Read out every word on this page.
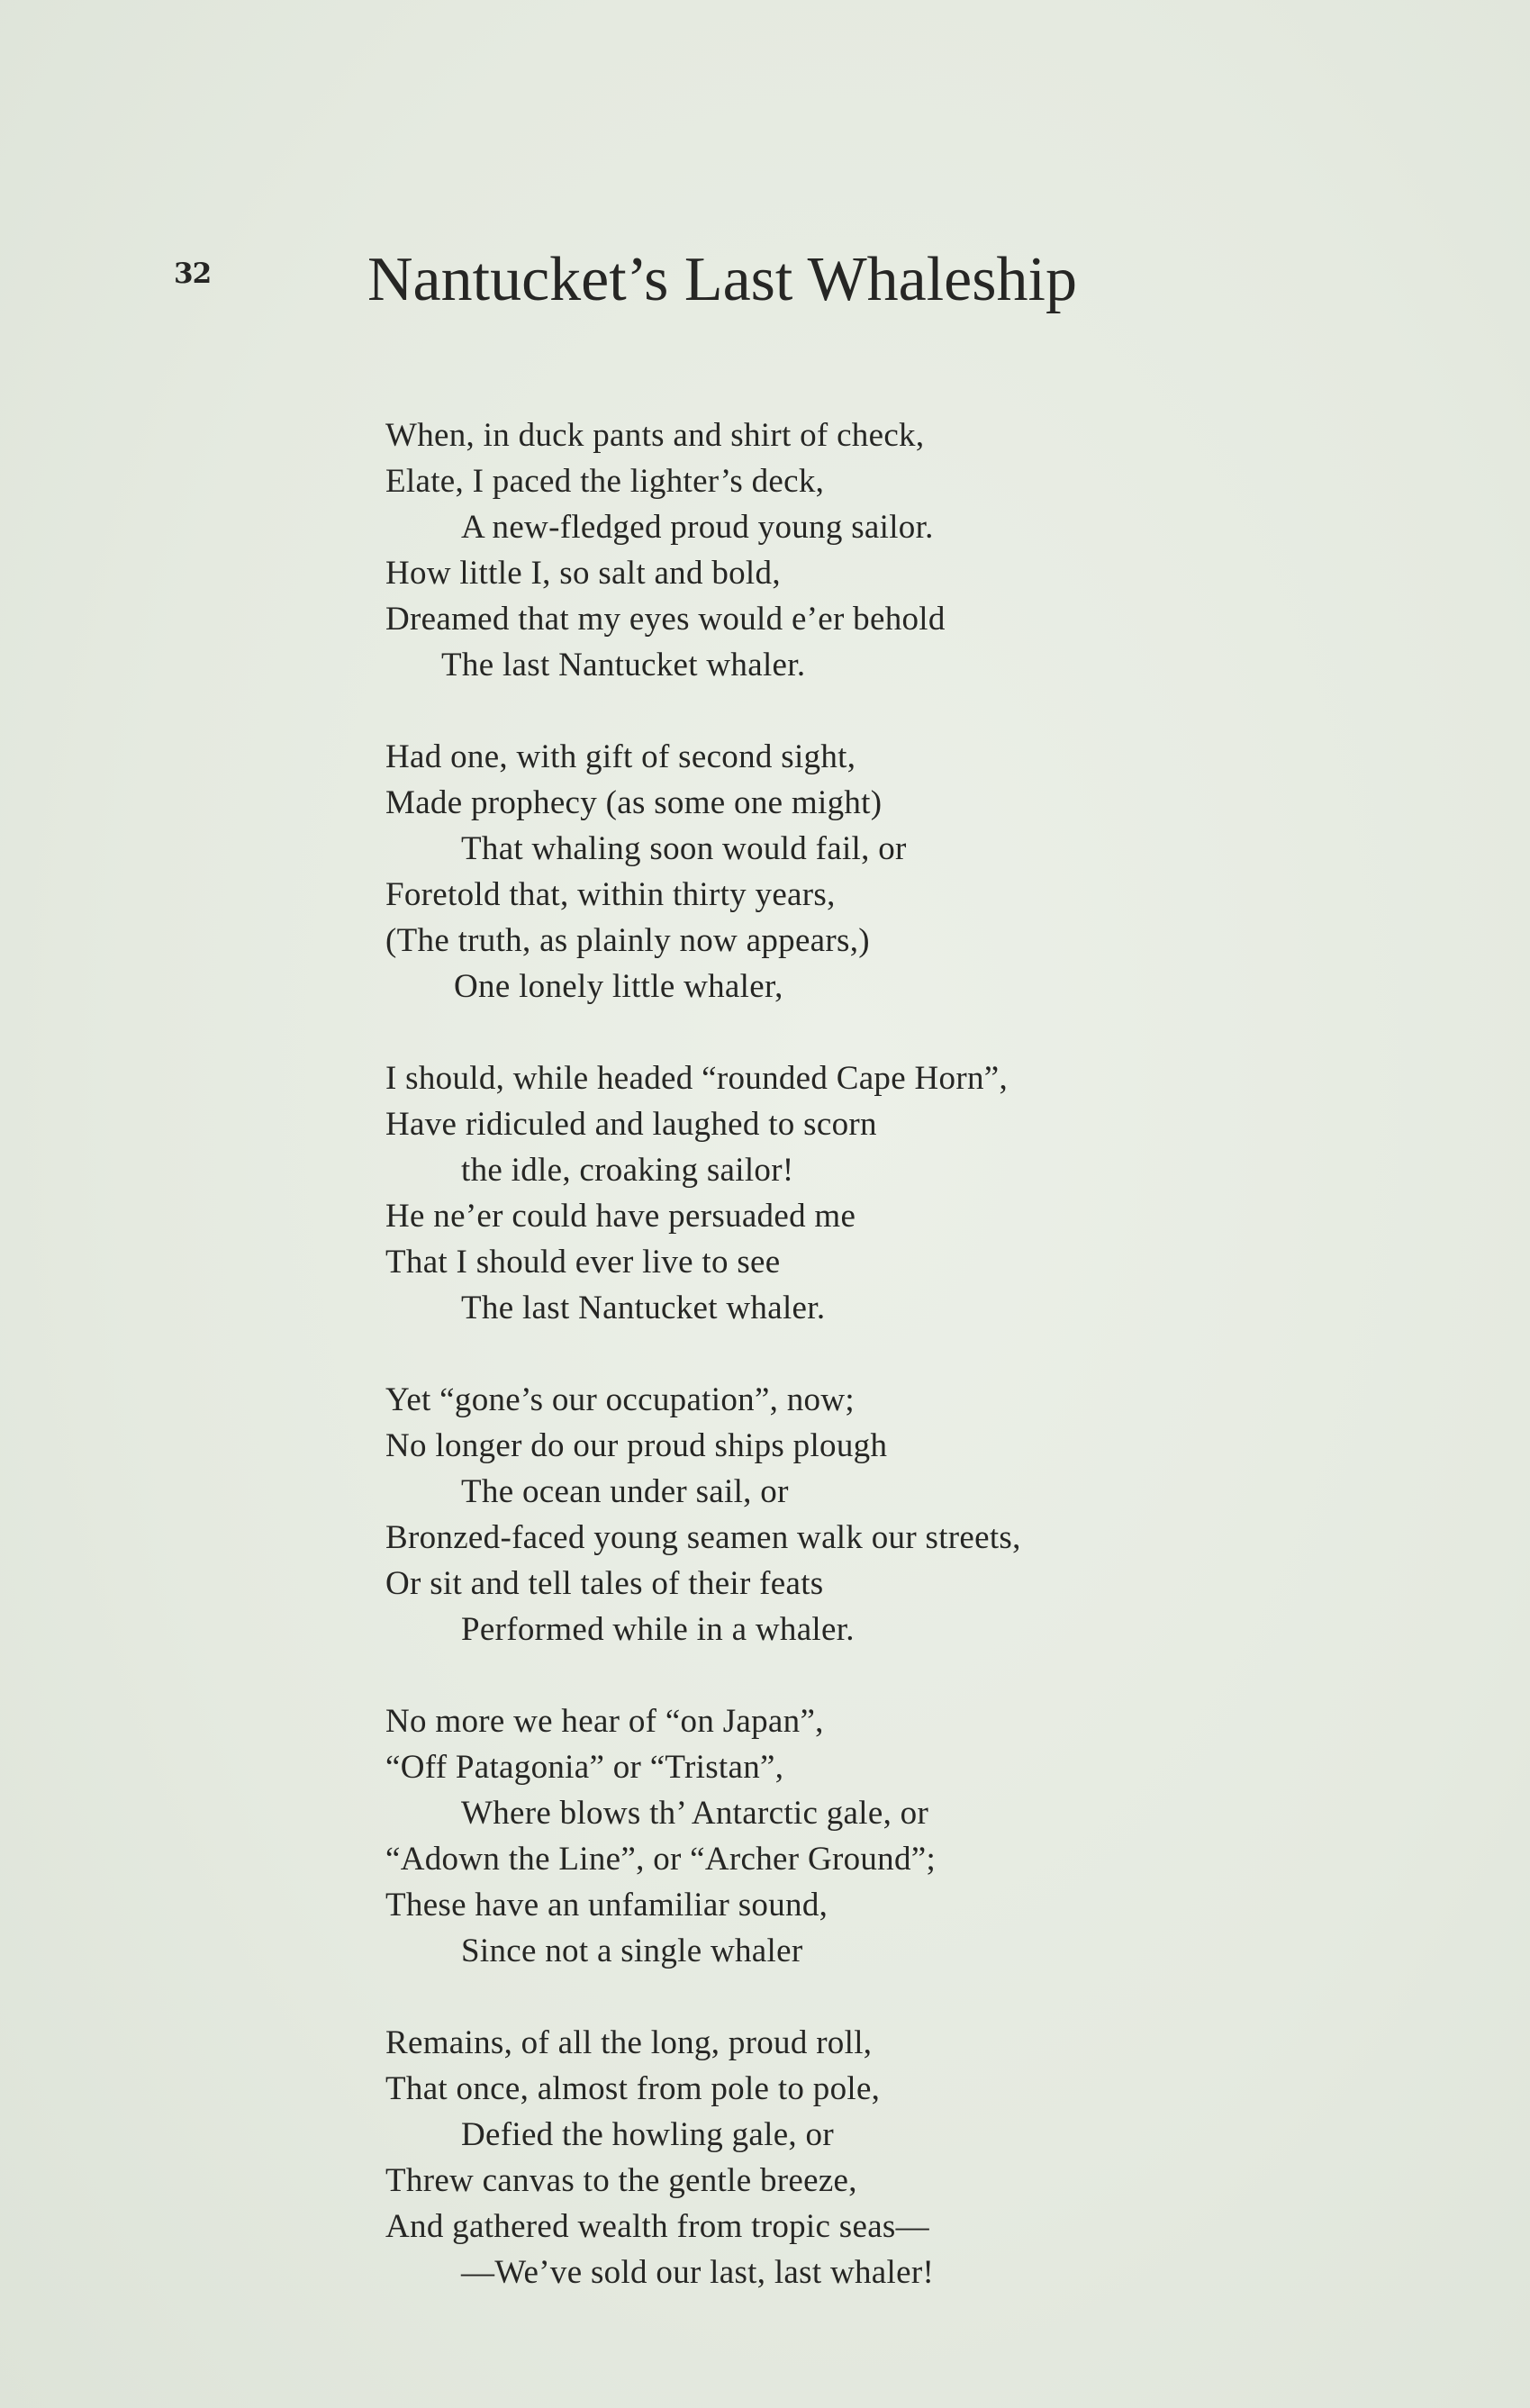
32 Nantucket’s Last Whaleship
When, in duck pants and shirt of check,
Elate, I paced the lighter’s deck,
A new-fledged proud young sailor.
How little I, so salt and bold,
Dreamed that my eyes would e’er behold
The last Nantucket whaler.
Had one, with gift of second sight,
Made prophecy (as some one might)
That whaling soon would fail, or
Foretold that, within thirty years,
(The truth, as plainly now appears,)
One lonely little whaler,
I should, while headed “rounded Cape Horn”,
Have ridiculed and laughed to scorn
the idle, croaking sailor!
He ne’er could have persuaded me
That I should ever live to see
The last Nantucket whaler.
Yet “gone’s our occupation”, now;
No longer do our proud ships plough
The ocean under sail, or
Bronzed-faced young seamen walk our streets,
Or sit and tell tales of their feats
Performed while in a whaler.
No more we hear of “on Japan”,
“Off Patagonia” or “Tristan”,
Where blows th’ Antarctic gale, or
“Adown the Line”, or “Archer Ground”;
These have an unfamiliar sound,
Since not a single whaler
Remains, of all the long, proud roll,
That once, almost from pole to pole,
Defied the howling gale, or
Threw canvas to the gentle breeze,
And gathered wealth from tropic seas—
—We’ve sold our last, last whaler!
